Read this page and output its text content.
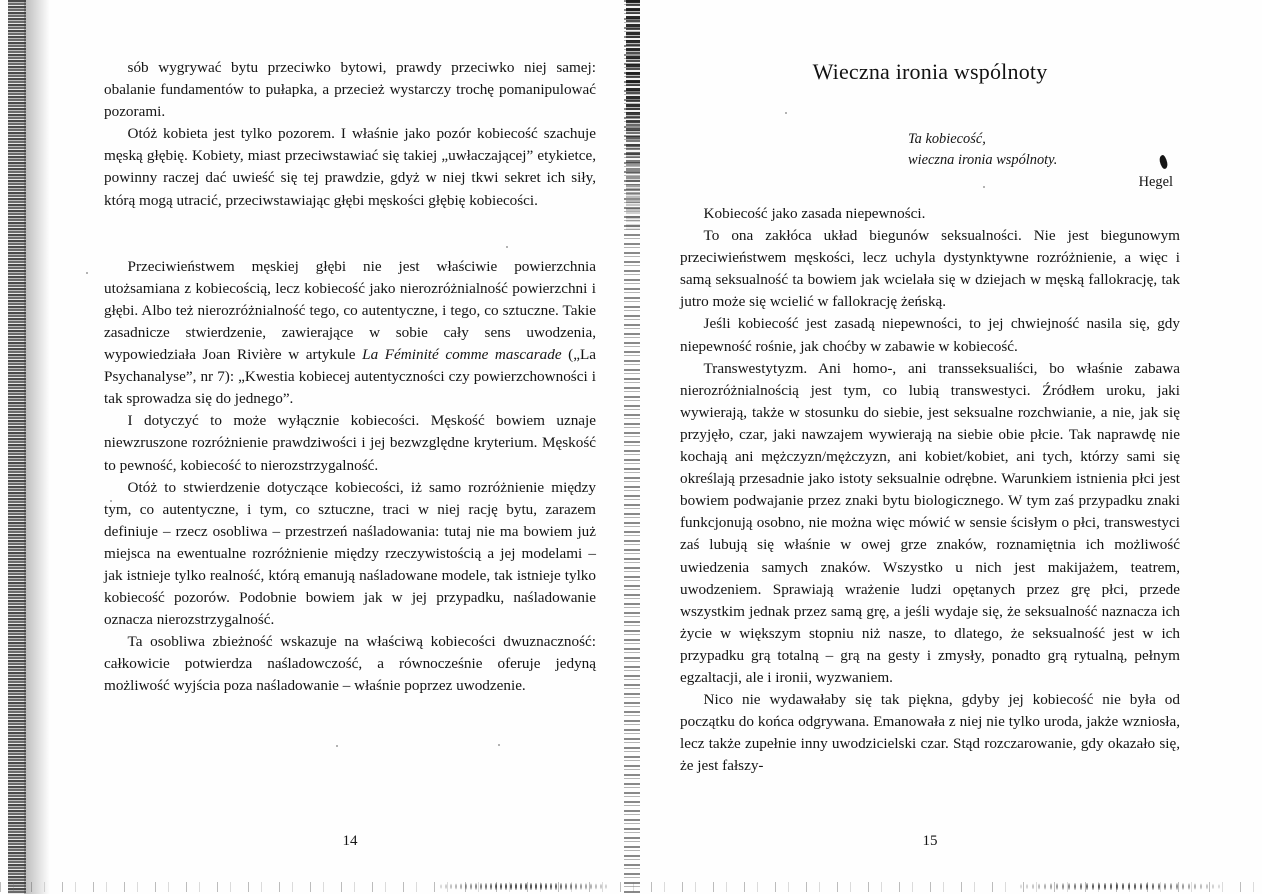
sób wygrywać bytu przeciwko bytowi, prawdy przeciwko niej samej: obalanie fundamentów to pułapka, a przecież wystarczy trochę pomanipulować pozorami.

Otóż kobieta jest tylko pozorem. I właśnie jako pozór kobiecość szachuje męską głębię. Kobiety, miast przeciwstawiać się takiej „uwłaczającej” etykietce, powinny raczej dać uwieść się tej prawdzie, gdyż w niej tkwi sekret ich siły, którą mogą utracić, przeciwstawiając głębi męskości głębię kobiecości.

Przeciwieństwem męskiej głębi nie jest właściwie powierzchnia utożsamiana z kobiecością, lecz kobiecość jako nierozróżnialność powierzchni i głębi. Albo też nierozróżnialność tego, co autentyczne, i tego, co sztuczne. Takie zasadnicze stwierdzenie, zawierające w sobie cały sens uwodzenia, wypowiedziała Joan Rivière w artykule La Féminité comme mascarade („La Psychanalyse”, nr 7): „Kwestia kobiecej autentyczności czy powierzchowności i tak sprowadza się do jednego”.

I dotyczyć to może wyłącznie kobiecości. Męskość bowiem uznaje niewzruszone rozróżnienie prawdziwości i jej bezwzględne kryterium. Męskość to pewność, kobiecość to nierozstrzygalność.

Otóż to stwierdzenie dotyczące kobiecości, iż samo rozróżnienie między tym, co autentyczne, i tym, co sztuczne, traci w niej rację bytu, zarazem definiuje – rzecz osobliwa – przestrzeń naśladowania: tutaj nie ma bowiem już miejsca na ewentualne rozróżnienie między rzeczywistością a jej modelami – jak istnieje tylko realność, którą emanują naśladowane modele, tak istnieje tylko kobiecość pozorów. Podobnie bowiem jak w jej przypadku, naśladowanie oznacza nierozstrzygalność.

Ta osobliwa zbieżność wskazuje na właściwą kobiecości dwuznaczność: całkowicie potwierdza naśladowczość, a równocześnie oferuje jedyną możliwość wyjścia poza naśladowanie – właśnie poprzez uwodzenie.

14
Wieczna ironia wspólnoty
Ta kobiecość,
wieczna ironia wspólnoty.
Hegel

Kobiecość jako zasada niepewności.

To ona zakłóca układ biegunów seksualności. Nie jest biegunowym przeciwieństwem męskości, lecz uchyla dystynktywne rozróżnienie, a więc i samą seksualność ta bowiem jak wcielała się w dziejach w męską fallokrację, tak jutro może się wcielić w fallokrację żeńską.

Jeśli kobiecość jest zasadą niepewności, to jej chwiejność nasila się, gdy niepewność rośnie, jak choćby w zabawie w kobiecość.

Transwestytyzm. Ani homo-, ani transseksualiści, bo właśnie zabawa nierozróżnialnością jest tym, co lubią transwestyci. Źródłem uroku, jaki wywierają, także w stosunku do siebie, jest seksualne rozchwianie, a nie, jak się przyjęło, czar, jaki nawzajem wywierają na siebie obie płcie. Tak naprawdę nie kochają ani mężczyzn/mężczyzn, ani kobiet/kobiet, ani tych, którzy sami się określają przesadnie jako istoty seksualnie odrębne. Warunkiem istnienia płci jest bowiem podwajanie przez znaki bytu biologicznego. W tym zaś przypadku znaki funkcjonują osobno, nie można więc mówić w sensie ścisłym o płci, transwestyci zaś lubują się właśnie w owej grze znaków, roznamiętnia ich możliwość uwiedzenia samych znaków. Wszystko u nich jest makijażem, teatrem, uwodzeniem. Sprawiają wrażenie ludzi opętanych przez grę płci, przede wszystkim jednak przez samą grę, a jeśli wydaje się, że seksualność naznacza ich życie w większym stopniu niż nasze, to dlatego, że seksualność jest w ich przypadku grą totalną – grą na gesty i zmysły, ponadto grą rytualną, pełnym egzaltacji, ale i ironii, wyzwaniem.

Nico nie wydawałaby się tak piękna, gdyby jej kobiecość nie była od początku do końca odgrywana. Emanowała z niej nie tylko uroda, jakże wzniosła, lecz także zupełnie inny uwodzicielski czar. Stąd rozczarowanie, gdy okazało się, że jest fałszy-

15
